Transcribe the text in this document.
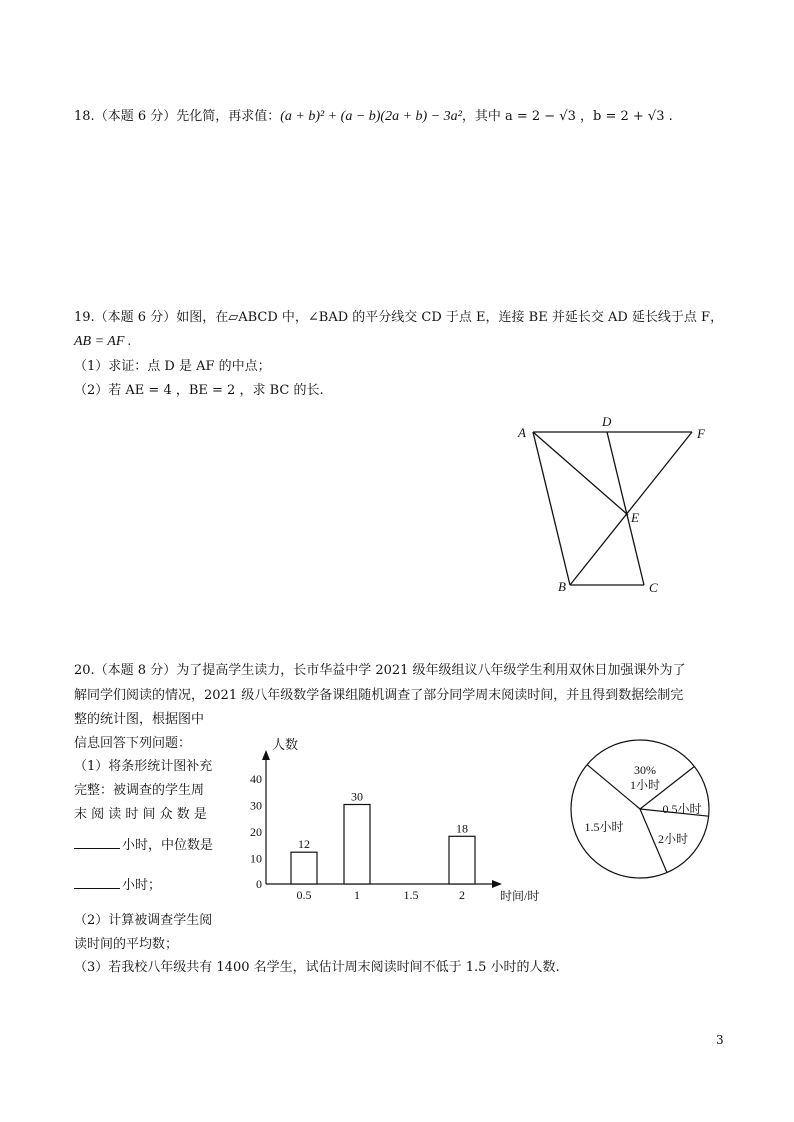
18.（本题 6 分）先化简，再求值：(a + b)² + (a − b)(2a + b) − 3a²，其中 a = 2 − √3 ，b = 2 + √3 .
19.（本题 6 分）如图，在▱ABCD 中，∠BAD 的平分线交 CD 于点 E，连接 BE 并延长交 AD 延长线于点 F，
AB = AF .
（1）求证：点 D 是 AF 的中点；
（2）若 AE = 4 ，BE = 2 ，求 BC 的长.
A
D
F
E
B	C
20.（本题 8 分）为了提高学生读力，长市华益中学 2021 级年级组议八年级学生利用双休日加强课外为了
解同学们阅读的情况，2021 级八年级数学备课组随机调查了部分同学周末阅读时间，并且得到数据绘制完
整的统计图，根据图中
信息回答下列问题：
（1）将条形统计图补充
完整：被调查的学生周
末 阅 读 时 间 众 数 是
小时，中位数是
小时；
（2）计算被调查学生阅
读时间的平均数；
（3）若我校八年级共有 1400 名学生，试估计周末阅读时间不低于 1.5 小时的人数.
人数
时间/时
0
10
20
30
40
0.5
12
1
30
1.5	2
18
30%
1小时
0.5小时
2小时
1.5小时
3
